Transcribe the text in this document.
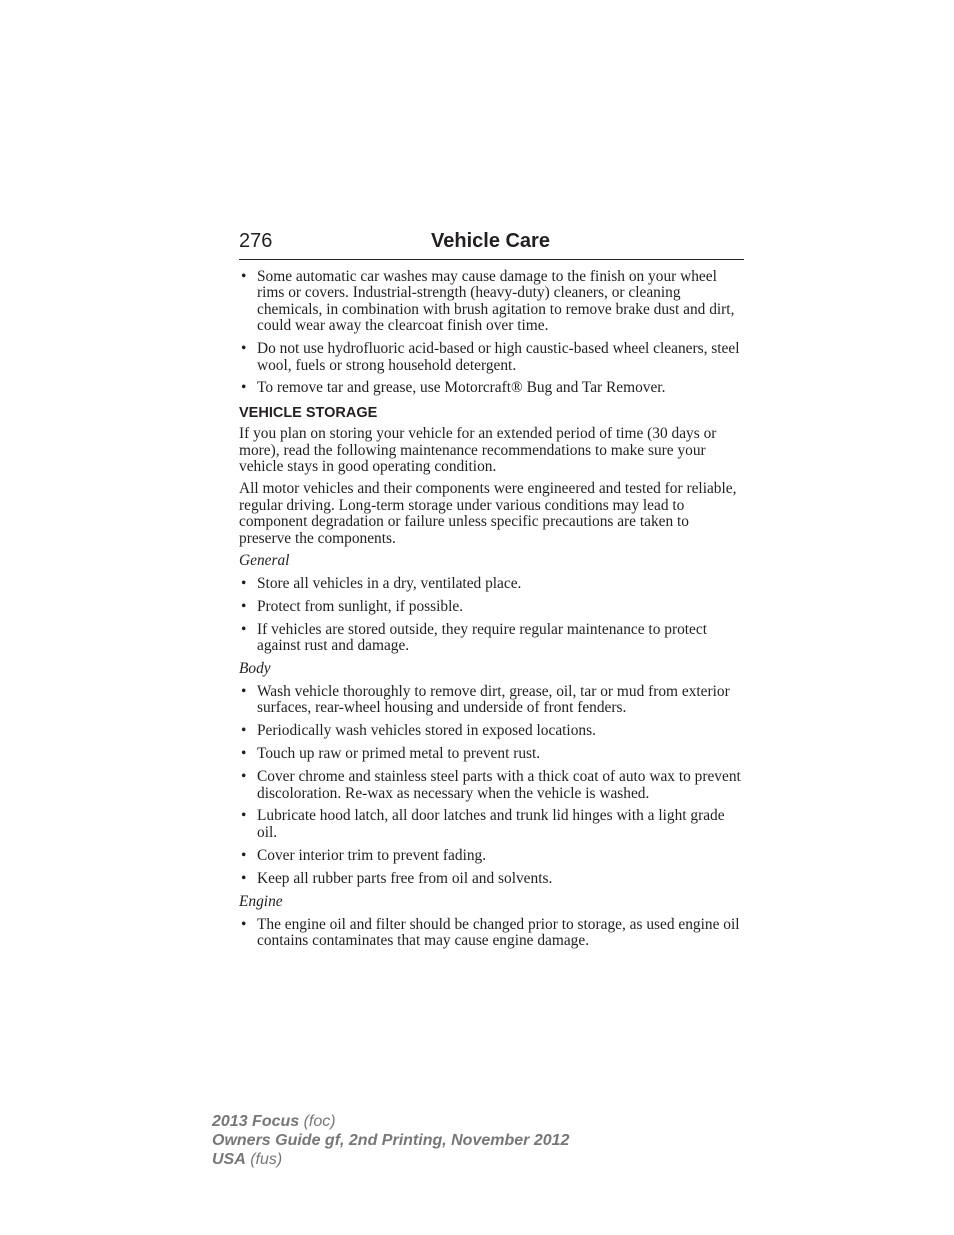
276	Vehicle Care
• Some automatic car washes may cause damage to the finish on your wheel rims or covers. Industrial-strength (heavy-duty) cleaners, or cleaning chemicals, in combination with brush agitation to remove brake dust and dirt, could wear away the clearcoat finish over time.
• Do not use hydrofluoric acid-based or high caustic-based wheel cleaners, steel wool, fuels or strong household detergent.
• To remove tar and grease, use Motorcraft® Bug and Tar Remover.
VEHICLE STORAGE

If you plan on storing your vehicle for an extended period of time (30 days or more), read the following maintenance recommendations to make sure your vehicle stays in good operating condition.

All motor vehicles and their components were engineered and tested for reliable, regular driving. Long-term storage under various conditions may lead to component degradation or failure unless specific precautions are taken to preserve the components.

General
• Store all vehicles in a dry, ventilated place.
• Protect from sunlight, if possible.
• If vehicles are stored outside, they require regular maintenance to protect against rust and damage.
Body
• Wash vehicle thoroughly to remove dirt, grease, oil, tar or mud from exterior surfaces, rear-wheel housing and underside of front fenders.
• Periodically wash vehicles stored in exposed locations.
• Touch up raw or primed metal to prevent rust.
• Cover chrome and stainless steel parts with a thick coat of auto wax to prevent discoloration. Re-wax as necessary when the vehicle is washed.
• Lubricate hood latch, all door latches and trunk lid hinges with a light grade oil.
• Cover interior trim to prevent fading.
• Keep all rubber parts free from oil and solvents.
Engine
• The engine oil and filter should be changed prior to storage, as used engine oil contains contaminates that may cause engine damage.
2013 Focus (foc)
Owners Guide gf, 2nd Printing, November 2012
USA (fus)
